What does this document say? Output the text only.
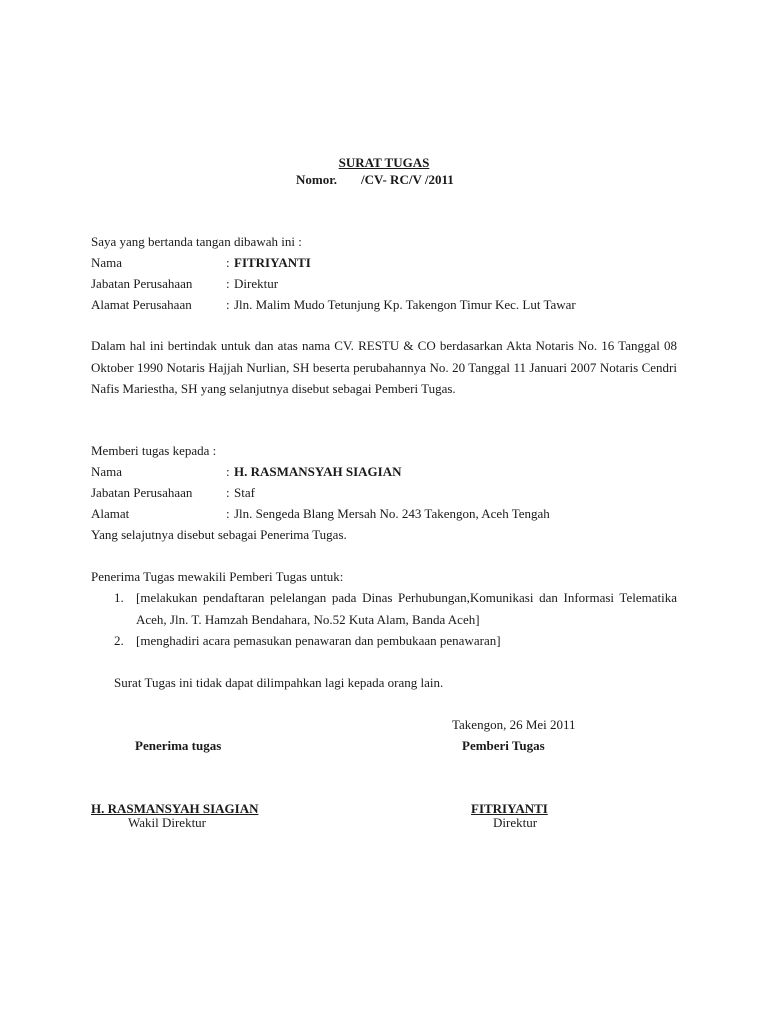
SURAT TUGAS
Nomor. /CV- RC/V /2011
Saya yang bertanda tangan dibawah ini :
Nama	: FITRIYANTI
Jabatan Perusahaan	: Direktur
Alamat Perusahaan	: Jln. Malim Mudo Tetunjung Kp. Takengon Timur Kec. Lut Tawar
Dalam hal ini bertindak untuk dan atas nama CV. RESTU & CO berdasarkan Akta Notaris No. 16 Tanggal 08 Oktober 1990 Notaris Hajjah Nurlian, SH beserta perubahannya No. 20 Tanggal 11 Januari 2007 Notaris Cendri Nafis Mariestha, SH yang selanjutnya disebut sebagai Pemberi Tugas.
Memberi tugas kepada :
Nama	: H. RASMANSYAH SIAGIAN
Jabatan Perusahaan	: Staf
Alamat	: Jln. Sengeda Blang Mersah No. 243 Takengon, Aceh Tengah
Yang selajutnya disebut sebagai Penerima Tugas.
Penerima Tugas mewakili Pemberi Tugas untuk:
1. [melakukan pendaftaran pelelangan pada Dinas Perhubungan,Komunikasi dan Informasi Telematika Aceh, Jln. T. Hamzah Bendahara, No.52 Kuta Alam, Banda Aceh]
2. [menghadiri acara pemasukan penawaran dan pembukaan penawaran]
Surat Tugas ini tidak dapat dilimpahkan lagi kepada orang lain.
Takengon, 26 Mei 2011
Penerima tugas	Pemberi Tugas
H. RASMANSYAH SIAGIAN	FITRIYANTI
Wakil Direktur	Direktur
